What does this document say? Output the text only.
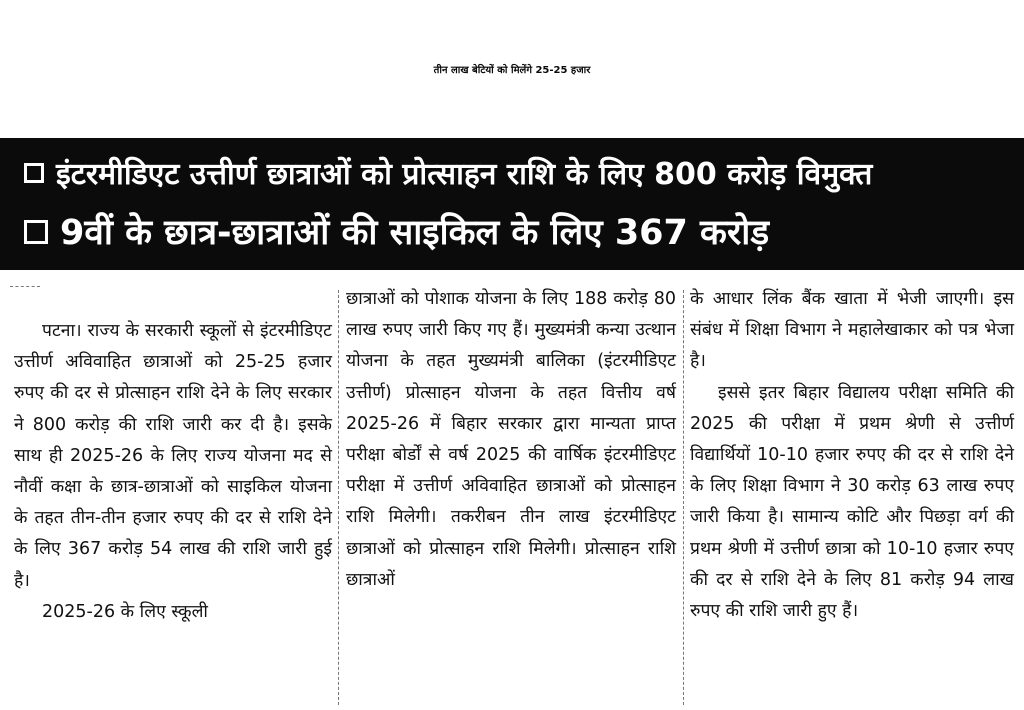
तीन लाख बेटियों को मिलेंगे 25-25 हजार
इंटरमीडिएट उत्तीर्ण छात्राओं को प्रोत्साहन राशि के लिए 800 करोड़ विमुक्त
9वीं के छात्र-छात्राओं की साइकिल के लिए 367 करोड़

पटना। राज्य के सरकारी स्कूलों से इंटरमीडिएट उत्तीर्ण अविवाहित छात्राओं को 25-25 हजार रुपए की दर से प्रोत्साहन राशि देने के लिए सरकार ने 800 करोड़ की राशि जारी कर दी है। इसके साथ ही 2025-26 के लिए राज्य योजना मद से नौवीं कक्षा के छात्र-छात्राओं को साइकिल योजना के तहत तीन-तीन हजार रुपए की दर से राशि देने के लिए 367 करोड़ 54 लाख की राशि जारी हुई है।

2025-26 के लिए स्कूली

छात्राओं को पोशाक योजना के लिए 188 करोड़ 80 लाख रुपए जारी किए गए हैं। मुख्यमंत्री कन्या उत्थान योजना के तहत मुख्यमंत्री बालिका (इंटरमीडिएट उत्तीर्ण) प्रोत्साहन योजना के तहत वित्तीय वर्ष 2025-26 में बिहार सरकार द्वारा मान्यता प्राप्त परीक्षा बोर्डों से वर्ष 2025 की वार्षिक इंटरमीडिएट परीक्षा में उत्तीर्ण अविवाहित छात्राओं को प्रोत्साहन राशि मिलेगी। तकरीबन तीन लाख इंटरमीडिएट छात्राओं को प्रोत्साहन राशि मिलेगी। प्रोत्साहन राशि छात्राओं

के आधार लिंक बैंक खाता में भेजी जाएगी। इस संबंध में शिक्षा विभाग ने महालेखाकार को पत्र भेजा है।

इससे इतर बिहार विद्यालय परीक्षा समिति की 2025 की परीक्षा में प्रथम श्रेणी से उत्तीर्ण विद्यार्थियों 10-10 हजार रुपए की दर से राशि देने के लिए शिक्षा विभाग ने 30 करोड़ 63 लाख रुपए जारी किया है। सामान्य कोटि और पिछड़ा वर्ग की प्रथम श्रेणी में उत्तीर्ण छात्रा को 10-10 हजार रुपए की दर से राशि देने के लिए 81 करोड़ 94 लाख रुपए की राशि जारी हुए हैं।
